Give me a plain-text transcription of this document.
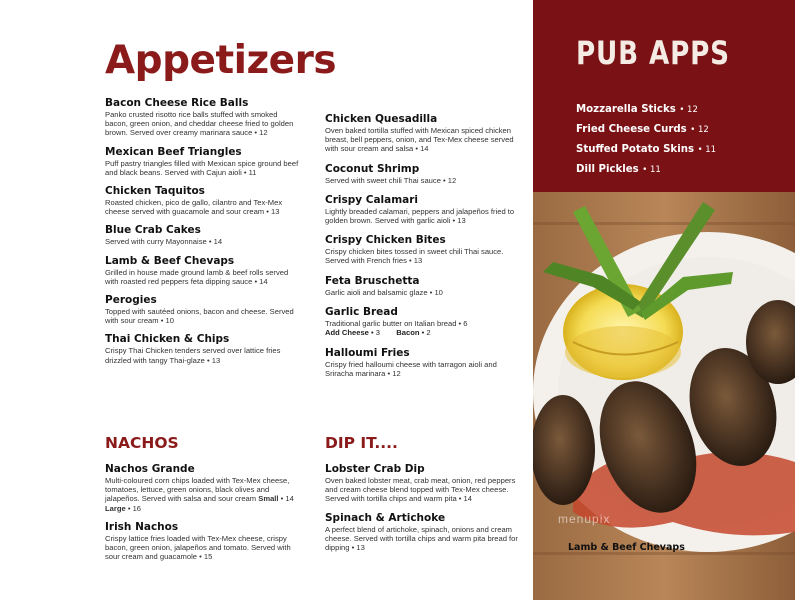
Appetizers
Bacon Cheese Rice Balls
Panko crusted risotto rice balls stuffed with smoked bacon, green onion, and cheddar cheese fried to golden brown. Served over creamy marinara sauce • 12
Mexican Beef Triangles
Puff pastry triangles filled with Mexican spice ground beef and black beans. Served with Cajun aioli • 11
Chicken Taquitos
Roasted chicken, pico de gallo, cilantro and Tex-Mex cheese served with guacamole and sour cream • 13
Blue Crab Cakes
Served with curry Mayonnaise • 14
Lamb & Beef Chevaps
Grilled in house made ground lamb & beef rolls served with roasted red peppers feta dipping sauce • 14
Perogies
Topped with sautéed onions, bacon and cheese. Served with sour cream • 10
Thai Chicken & Chips
Crispy Thai Chicken tenders served over lattice fries drizzled with tangy Thai-glaze • 13
Chicken Quesadilla
Oven baked tortilla stuffed with Mexican spiced chicken breast, bell peppers, onion, and Tex-Mex cheese served with sour cream and salsa • 14
Coconut Shrimp
Served with sweet chili Thai sauce • 12
Crispy Calamari
Lightly breaded calamari, peppers and jalapeños fried to golden brown. Served with garlic aioli • 13
Crispy Chicken Bites
Crispy chicken bites tossed in sweet chili Thai sauce. Served with French fries • 13
Feta Bruschetta
Garlic aioli and balsamic glaze • 10
Garlic Bread
Traditional garlic butter on Italian bread • 6
Add Cheese • 3 Bacon • 2
Halloumi Fries
Crispy fried halloumi cheese with tarragon aioli and Sriracha marinara • 12
NACHOS
Nachos Grande
Multi-coloured corn chips loaded with Tex-Mex cheese, tomatoes, lettuce, green onions, black olives and jalapeños. Served with salsa and sour cream Small • 14   Large • 16
Irish Nachos
Crispy lattice fries loaded with Tex-Mex cheese, crispy bacon, green onion, jalapeños and tomato. Served with sour cream and guacamole • 15
DIP IT....
Lobster Crab Dip
Oven baked lobster meat, crab meat, onion, red peppers and cream cheese blend topped with Tex-Mex cheese. Served with tortilla chips and warm pita • 14
Spinach & Artichoke
A perfect blend of artichoke, spinach, onions and cream cheese. Served with tortilla chips and warm pita bread for dipping • 13
PUB APPS
Mozzarella Sticks • 12
Fried Cheese Curds • 12
Stuffed Potato Skins • 11
Dill Pickles • 11
menupix
Lamb & Beef Chevaps
